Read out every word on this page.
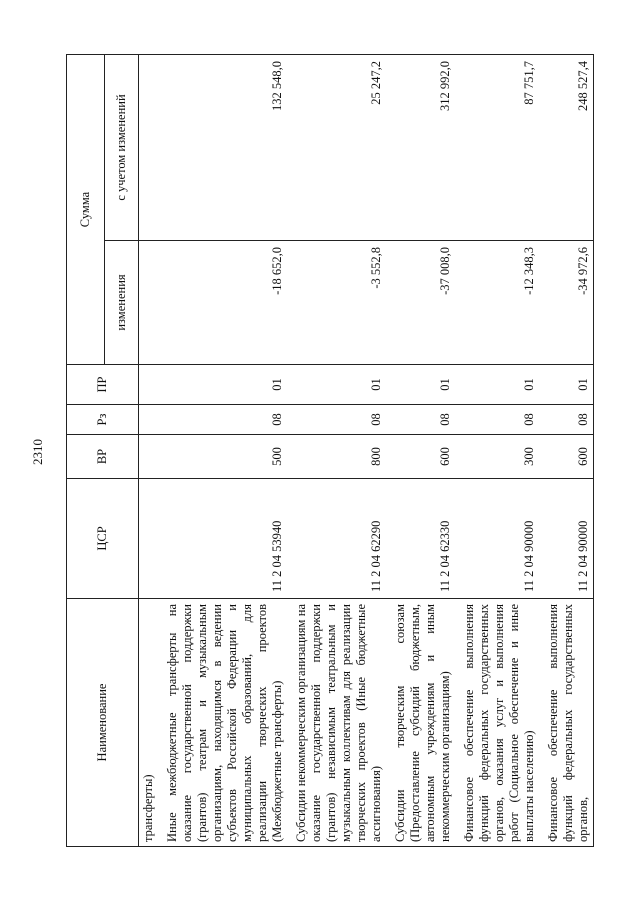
2310
Наименование	ЦСР	ВР	Рз	ПР	Сумма	
					изменения	с учетом изменений
трансферты)						
Иные межбюджетные трансферты на оказание государственной поддержки (грантов) театрам и музыкальным организациям, находящимся в ведении субъектов Российской Федерации и муниципальных образований, для реализации творческих проектов (Межбюджетные трансферты)	11 2 04 53940	500	08	01	-18 652,0	132 548,0
Субсидии некоммерческим организациям на оказание государственной поддержки (грантов) независимым театральным и музыкальным коллективам для реализации творческих проектов (Иные бюджетные ассигнования)	11 2 04 62290	800	08	01	-3 552,8	25 247,2
Субсидии творческим союзам (Предоставление субсидий бюджетным, автономным учреждениям и иным некоммерческим организациям)	11 2 04 62330	600	08	01	-37 008,0	312 992,0
Финансовое обеспечение выполнения функций федеральных государственных органов, оказания услуг и выполнения работ (Социальное обеспечение и иные выплаты населению)	11 2 04 90000	300	08	01	-12 348,3	87 751,7
Финансовое обеспечение выполнения функций федеральных государственных органов,	11 2 04 90000	600	08	01	-34 972,6	248 527,4
